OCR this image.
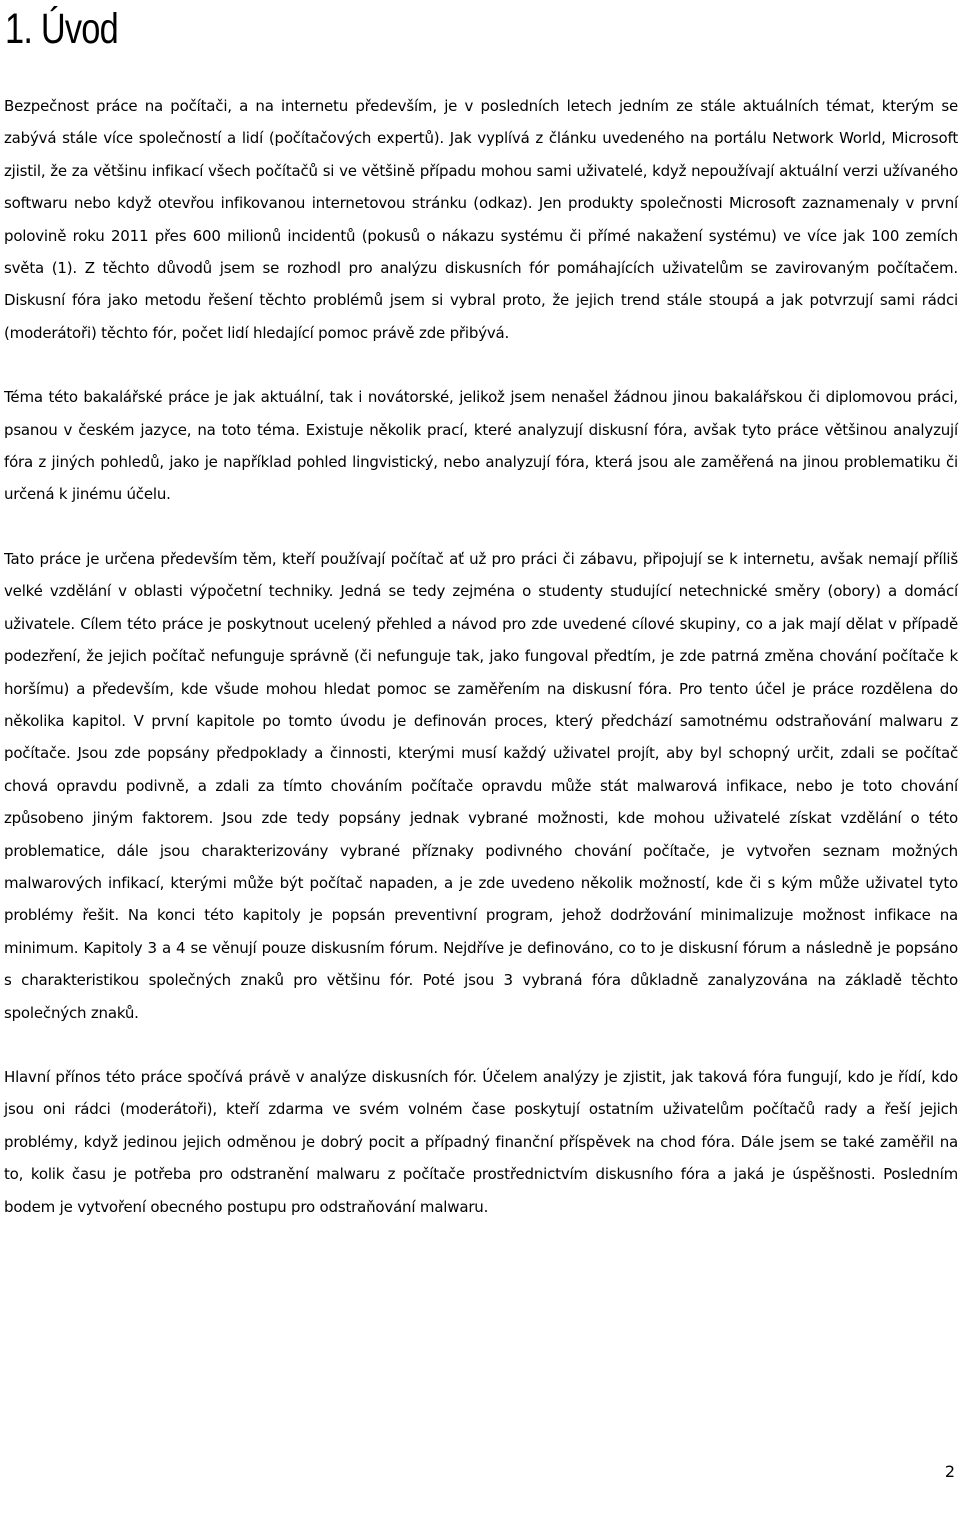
1. Úvod

Bezpečnost práce na počítači, a na internetu především, je v posledních letech jedním ze stále aktuálních témat, kterým se zabývá stále více společností a lidí (počítačových expertů). Jak vyplívá z článku uvedeného na portálu Network World, Microsoft zjistil, že za většinu infikací všech počítačů si ve většině případu mohou sami uživatelé, když nepoužívají aktuální verzi užívaného softwaru nebo když otevřou infikovanou internetovou stránku (odkaz). Jen produkty společnosti Microsoft zaznamenaly v první polovině roku 2011 přes 600 milionů incidentů (pokusů o nákazu systému či přímé nakažení systému) ve více jak 100 zemích světa (1). Z těchto důvodů jsem se rozhodl pro analýzu diskusních fór pomáhajících uživatelům se zavirovaným počítačem. Diskusní fóra jako metodu řešení těchto problémů jsem si vybral proto, že jejich trend stále stoupá a jak potvrzují sami rádci (moderátoři) těchto fór, počet lidí hledající pomoc právě zde přibývá.

Téma této bakalářské práce je jak aktuální, tak i novátorské, jelikož jsem nenašel žádnou jinou bakalářskou či diplomovou práci, psanou v českém jazyce, na toto téma. Existuje několik prací, které analyzují diskusní fóra, avšak tyto práce většinou analyzují fóra z jiných pohledů, jako je například pohled lingvistický, nebo analyzují fóra, která jsou ale zaměřená na jinou problematiku či určená k jinému účelu.

Tato práce je určena především těm, kteří používají počítač ať už pro práci či zábavu, připojují se k internetu, avšak nemají příliš velké vzdělání v oblasti výpočetní techniky. Jedná se tedy zejména o studenty studující netechnické směry (obory) a domácí uživatele. Cílem této práce je poskytnout ucelený přehled a návod pro zde uvedené cílové skupiny, co a jak mají dělat v případě podezření, že jejich počítač nefunguje správně (či nefunguje tak, jako fungoval předtím, je zde patrná změna chování počítače k horšímu) a především, kde všude mohou hledat pomoc se zaměřením na diskusní fóra. Pro tento účel je práce rozdělena do několika kapitol. V první kapitole po tomto úvodu je definován proces, který předchází samotnému odstraňování malwaru z počítače. Jsou zde popsány předpoklady a činnosti, kterými musí každý uživatel projít, aby byl schopný určit, zdali se počítač chová opravdu podivně, a zdali za tímto chováním počítače opravdu může stát malwarová infikace, nebo je toto chování způsobeno jiným faktorem. Jsou zde tedy popsány jednak vybrané možnosti, kde mohou uživatelé získat vzdělání o této problematice, dále jsou charakterizovány vybrané příznaky podivného chování počítače, je vytvořen seznam možných malwarových infikací, kterými může být počítač napaden, a je zde uvedeno několik možností, kde či s kým může uživatel tyto problémy řešit. Na konci této kapitoly je popsán preventivní program, jehož dodržování minimalizuje možnost infikace na minimum. Kapitoly 3 a 4 se věnují pouze diskusním fórum. Nejdříve je definováno, co to je diskusní fórum a následně je popsáno s charakteristikou společných znaků pro většinu fór. Poté jsou 3 vybraná fóra důkladně zanalyzována na základě těchto společných znaků.

Hlavní přínos této práce spočívá právě v analýze diskusních fór. Účelem analýzy je zjistit, jak taková fóra fungují, kdo je řídí, kdo jsou oni rádci (moderátoři), kteří zdarma ve svém volném čase poskytují ostatním uživatelům počítačů rady a řeší jejich problémy, když jedinou jejich odměnou je dobrý pocit a případný finanční příspěvek na chod fóra. Dále jsem se také zaměřil na to, kolik času je potřeba pro odstranění malwaru z počítače prostřednictvím diskusního fóra a jaká je úspěšnosti. Posledním bodem je vytvoření obecného postupu pro odstraňování malwaru.

2
